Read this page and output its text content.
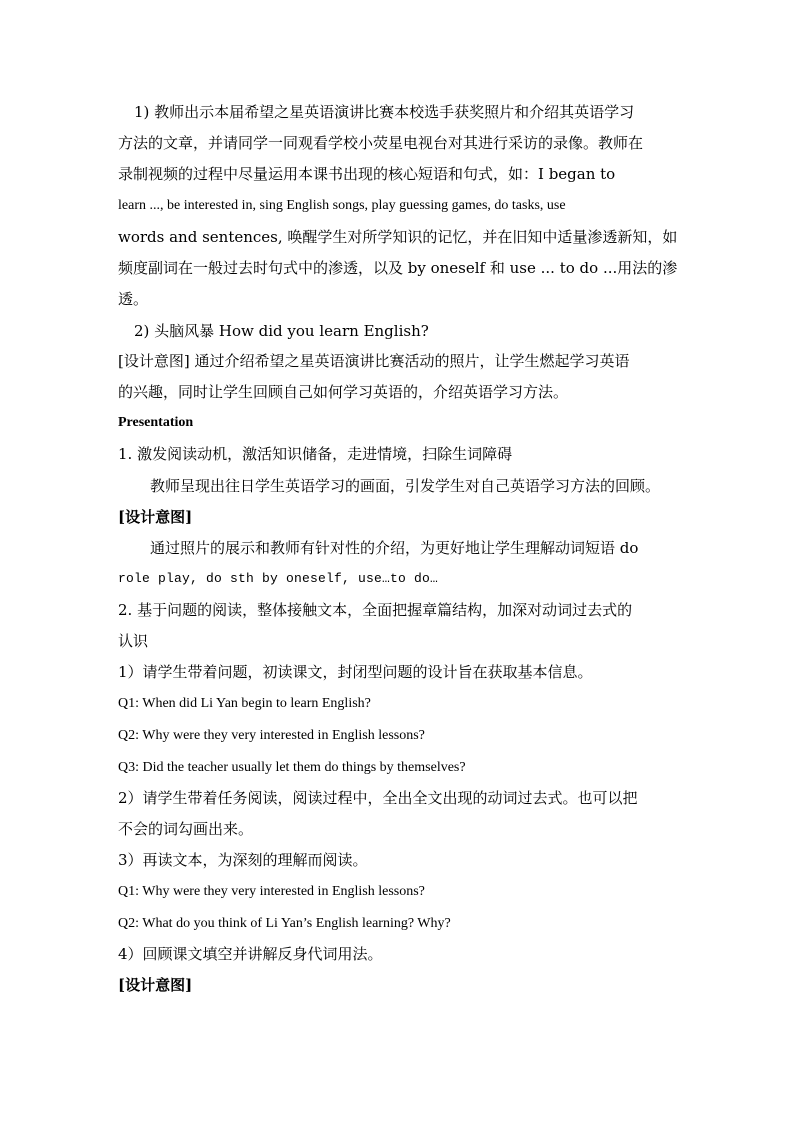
1) 教师出示本届希望之星英语演讲比赛本校选手获奖照片和介绍其英语学习
方法的文章，并请同学一同观看学校小荧星电视台对其进行采访的录像。教师在
录制视频的过程中尽量运用本课书出现的核心短语和句式，如：I began to
learn ..., be interested in, sing English songs, play guessing games, do tasks, use
words and sentences, 唤醒学生对所学知识的记忆，并在旧知中适量渗透新知，如
频度副词在一般过去时句式中的渗透，以及 by oneself 和 use ... to do ...用法的渗
透。
2) 头脑风暴 How did you learn English?
[设计意图] 通过介绍希望之星英语演讲比赛活动的照片，让学生燃起学习英语
的兴趣，同时让学生回顾自己如何学习英语的，介绍英语学习方法。
Presentation
1. 激发阅读动机，激活知识储备，走进情境，扫除生词障碍
教师呈现出往日学生英语学习的画面，引发学生对自己英语学习方法的回顾。
[设计意图]
通过照片的展示和教师有针对性的介绍，为更好地让学生理解动词短语 do
role play, do sth by oneself, use…to do…
2. 基于问题的阅读，整体接触文本，全面把握章篇结构，加深对动词过去式的
认识
1）请学生带着问题，初读课文，封闭型问题的设计旨在获取基本信息。
Q1: When did Li Yan begin to learn English?
Q2: Why were they very interested in English lessons?
Q3: Did the teacher usually let them do things by themselves?
2）请学生带着任务阅读，阅读过程中，全出全文出现的动词过去式。也可以把
不会的词勾画出来。
3）再读文本，为深刻的理解而阅读。
Q1: Why were they very interested in English lessons?
Q2: What do you think of Li Yan’s English learning? Why?
4）回顾课文填空并讲解反身代词用法。
[设计意图]
